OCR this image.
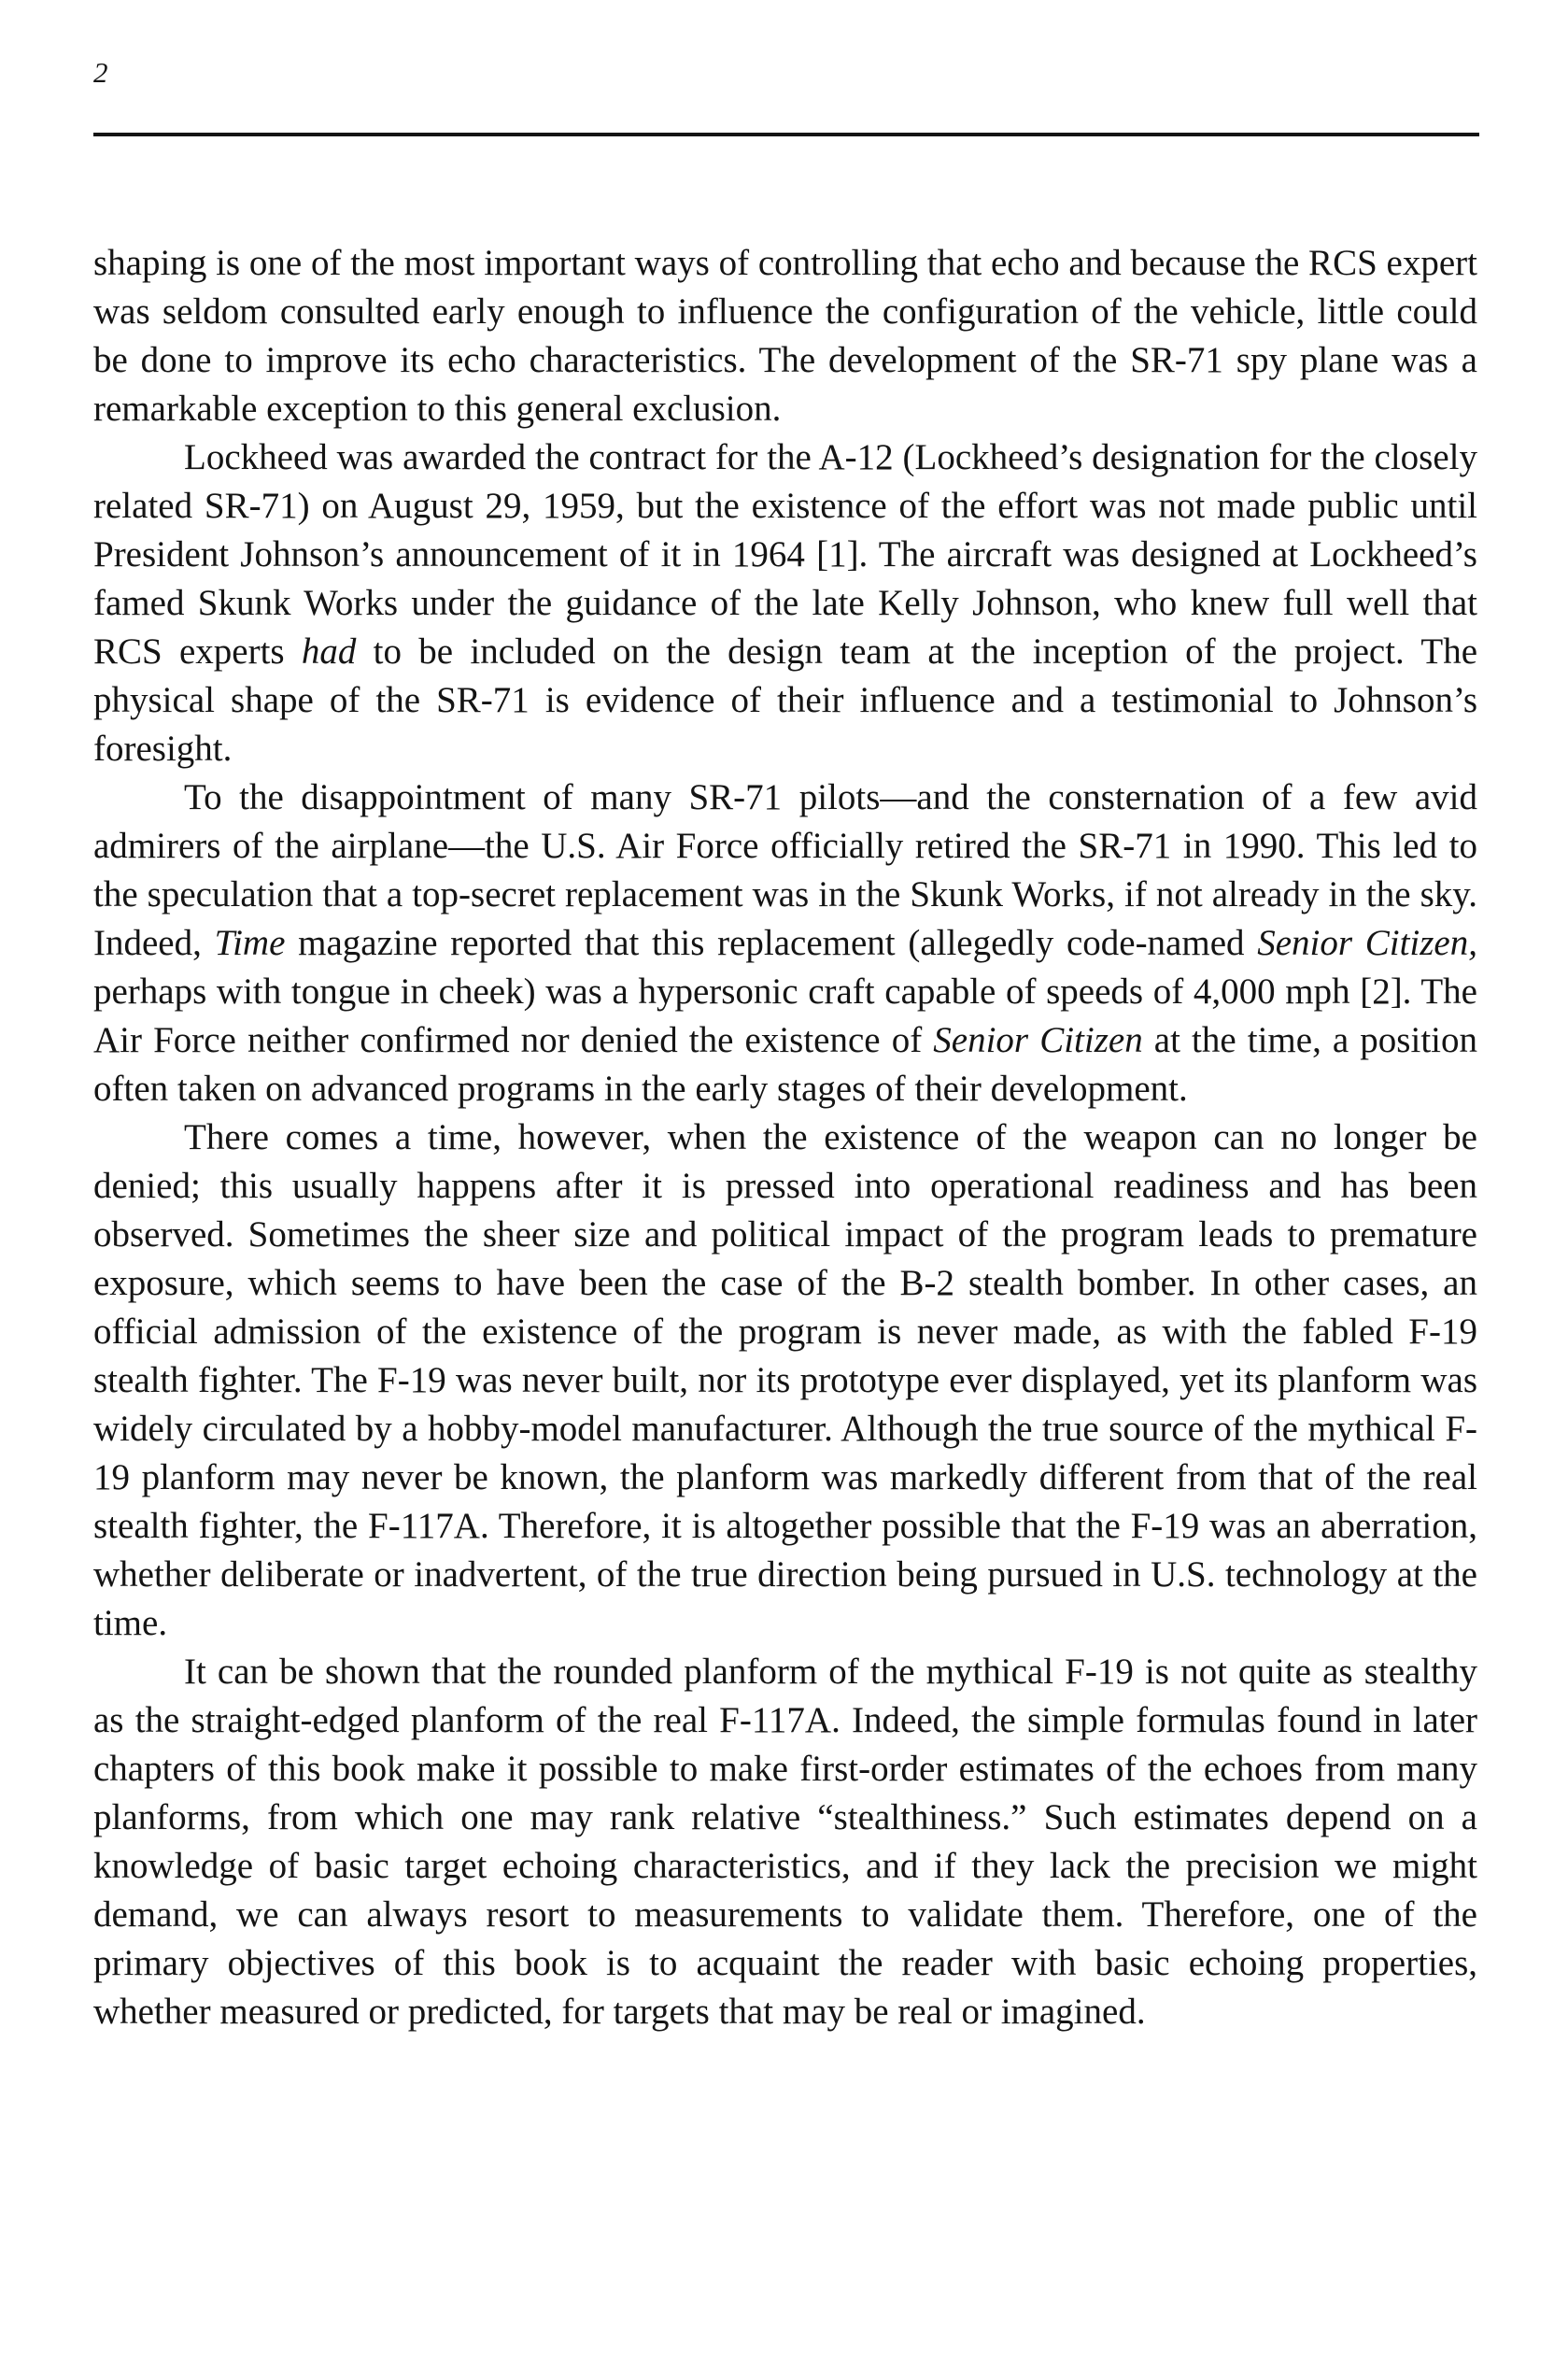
2

shaping is one of the most important ways of controlling that echo and because the RCS expert was seldom consulted early enough to influence the configuration of the vehicle, little could be done to improve its echo characteristics. The development of the SR-71 spy plane was a remarkable exception to this general exclusion.

Lockheed was awarded the contract for the A-12 (Lockheed’s designation for the closely related SR-71) on August 29, 1959, but the existence of the effort was not made public until President Johnson’s announcement of it in 1964 [1]. The aircraft was designed at Lockheed’s famed Skunk Works under the guidance of the late Kelly Johnson, who knew full well that RCS experts had to be included on the design team at the inception of the project. The physical shape of the SR-71 is evidence of their influence and a testimonial to Johnson’s foresight.

To the disappointment of many SR-71 pilots—and the consternation of a few avid admirers of the airplane—the U.S. Air Force officially retired the SR-71 in 1990. This led to the speculation that a top-secret replacement was in the Skunk Works, if not already in the sky. Indeed, Time magazine reported that this replacement (allegedly code-named Senior Citizen, perhaps with tongue in cheek) was a hypersonic craft capable of speeds of 4,000 mph [2]. The Air Force neither confirmed nor denied the existence of Senior Citizen at the time, a position often taken on advanced programs in the early stages of their development.

There comes a time, however, when the existence of the weapon can no longer be denied; this usually happens after it is pressed into operational readiness and has been observed. Sometimes the sheer size and political impact of the program leads to premature exposure, which seems to have been the case of the B-2 stealth bomber. In other cases, an official admission of the existence of the program is never made, as with the fabled F-19 stealth fighter. The F-19 was never built, nor its prototype ever displayed, yet its planform was widely circulated by a hobby-model manufacturer. Although the true source of the mythical F-19 planform may never be known, the planform was markedly different from that of the real stealth fighter, the F-117A. Therefore, it is altogether possible that the F-19 was an aberration, whether deliberate or inadvertent, of the true direction being pursued in U.S. technology at the time.

It can be shown that the rounded planform of the mythical F-19 is not quite as stealthy as the straight-edged planform of the real F-117A. Indeed, the simple formulas found in later chapters of this book make it possible to make first-order estimates of the echoes from many planforms, from which one may rank relative “stealthiness.” Such estimates depend on a knowledge of basic target echoing characteristics, and if they lack the precision we might demand, we can always resort to measurements to validate them. Therefore, one of the primary objectives of this book is to acquaint the reader with basic echoing properties, whether measured or predicted, for targets that may be real or imagined.
